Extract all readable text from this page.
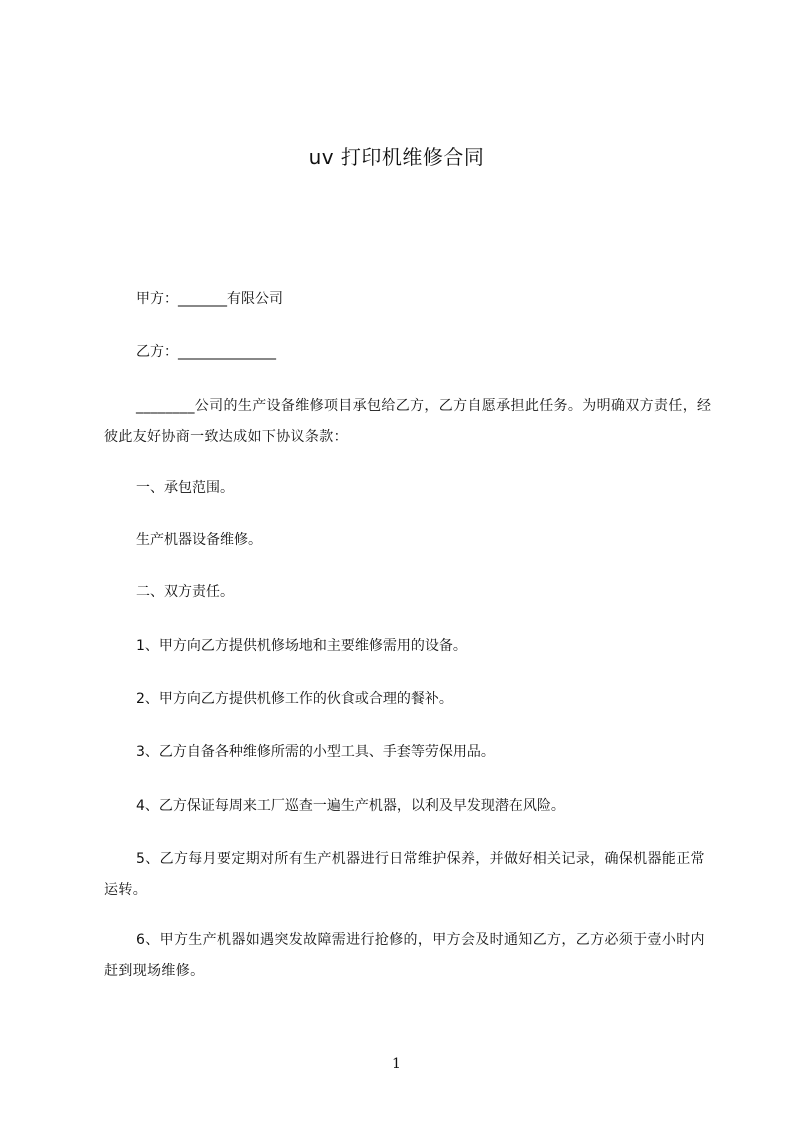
uv 打印机维修合同
甲方：_______有限公司
乙方：______________
________公司的生产设备维修项目承包给乙方，乙方自愿承担此任务。为明确双方责任，经彼此友好协商一致达成如下协议条款：
一、承包范围。
生产机器设备维修。
二、双方责任。
1、甲方向乙方提供机修场地和主要维修需用的设备。
2、甲方向乙方提供机修工作的伙食或合理的餐补。
3、乙方自备各种维修所需的小型工具、手套等劳保用品。
4、乙方保证每周来工厂巡查一遍生产机器，以利及早发现潜在风险。
5、乙方每月要定期对所有生产机器进行日常维护保养，并做好相关记录，确保机器能正常运转。
6、甲方生产机器如遇突发故障需进行抢修的，甲方会及时通知乙方，乙方必须于壹小时内赶到现场维修。
1
